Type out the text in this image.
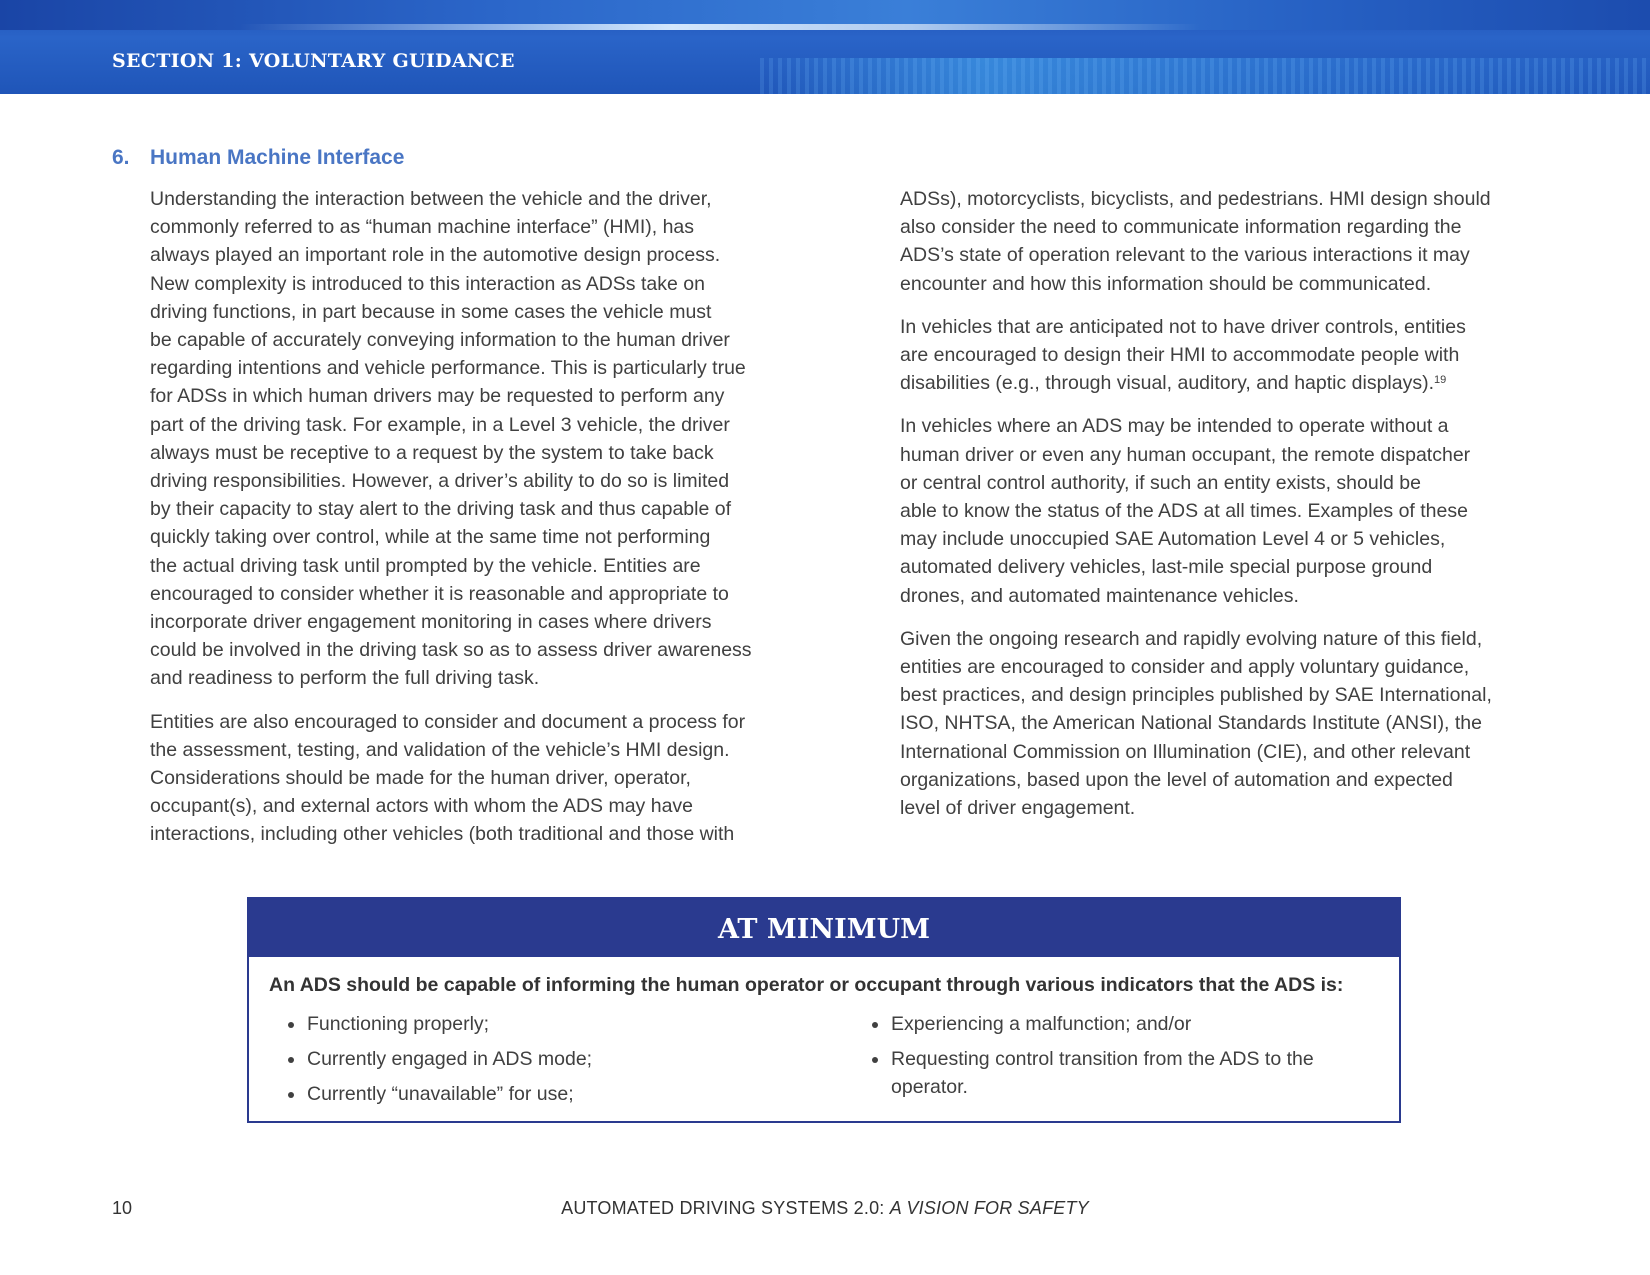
SECTION 1: VOLUNTARY GUIDANCE
6. Human Machine Interface

Understanding the interaction between the vehicle and the driver,
commonly referred to as “human machine interface” (HMI), has
always played an important role in the automotive design process.
New complexity is introduced to this interaction as ADSs take on
driving functions, in part because in some cases the vehicle must
be capable of accurately conveying information to the human driver
regarding intentions and vehicle performance. This is particularly true
for ADSs in which human drivers may be requested to perform any
part of the driving task. For example, in a Level 3 vehicle, the driver
always must be receptive to a request by the system to take back
driving responsibilities. However, a driver’s ability to do so is limited
by their capacity to stay alert to the driving task and thus capable of
quickly taking over control, while at the same time not performing
the actual driving task until prompted by the vehicle. Entities are
encouraged to consider whether it is reasonable and appropriate to
incorporate driver engagement monitoring in cases where drivers
could be involved in the driving task so as to assess driver awareness
and readiness to perform the full driving task.

Entities are also encouraged to consider and document a process for
the assessment, testing, and validation of the vehicle’s HMI design.
Considerations should be made for the human driver, operator,
occupant(s), and external actors with whom the ADS may have
interactions, including other vehicles (both traditional and those with

ADSs), motorcyclists, bicyclists, and pedestrians. HMI design should
also consider the need to communicate information regarding the
ADS’s state of operation relevant to the various interactions it may
encounter and how this information should be communicated.

In vehicles that are anticipated not to have driver controls, entities
are encouraged to design their HMI to accommodate people with
disabilities (e.g., through visual, auditory, and haptic displays).$^{19}$

In vehicles where an ADS may be intended to operate without a
human driver or even any human occupant, the remote dispatcher
or central control authority, if such an entity exists, should be
able to know the status of the ADS at all times. Examples of these
may include unoccupied SAE Automation Level 4 or 5 vehicles,
automated delivery vehicles, last-mile special purpose ground
drones, and automated maintenance vehicles.

Given the ongoing research and rapidly evolving nature of this field,
entities are encouraged to consider and apply voluntary guidance,
best practices, and design principles published by SAE International,
ISO, NHTSA, the American National Standards Institute (ANSI), the
International Commission on Illumination (CIE), and other relevant
organizations, based upon the level of automation and expected
level of driver engagement.

AT MINIMUM

An ADS should be capable of informing the human operator or occupant through various indicators that the ADS is:

Functioning properly;
Currently engaged in ADS mode;
Currently “unavailable” for use;
Experiencing a malfunction; and/or
Requesting control transition from the ADS to the
operator.
10	AUTOMATED DRIVING SYSTEMS 2.0: A VISION FOR SAFETY
